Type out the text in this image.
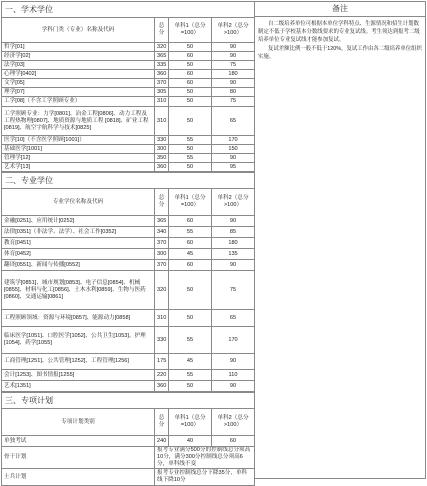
一、学术学位			
学科门类（专业）名称及代码	总分	单科1（总分=100）	单科2（总分>100）
哲学[01]	320	50	90
经济学[02]	365	60	90
法学[03]	335	50	75
心理学[0402]	360	60	180
文学[05]	370	60	90
理学[07]	305	50	80
工学[08]（不含工学照顾专业）	310	50	75
工学照顾专业：力学[0801]、冶金工程[0806]、动力工程及工程热物理[0807]、地质资源与地质工程 [0818]、矿业工程[0819]、航空宇航科学与技术[0825]	310	50	65
医学[10]（不含医学照顾[1001]）	330	55	170
基础医学[1001]	300	50	150
管理学[12]	350	55	90
艺术学[13]	360	50	95
二、专业学位			
专业学位名称及代码	总分	单科1（总分=100）	单科2（总分>100）
金融[0251]、应用统计[0252]	365	60	90
法律[0351]（非法学、法学）、社会工作[0352]	340	55	85
教育[0451]	370	60	180
体育[0452]	300	45	135
翻译[0551]、新闻与传播[0552]	370	60	90
建筑学[0851]、城市规划[0853]、电子信息[0854]、机械[0855]、材料与化工[0856]、土木水利[0859]、生物与医药[0860]、交通运输[0861]	320	50	75
工程照顾领域：资源与环境[0857]、能源动力[0858]	310	50	65
临床医学[1051]、口腔医学[1052]、公共卫生[1053]、护理[1054]、药学[1055]	330	55	170
工商管理[1251]、公共管理[1252]、工程管理[1256]	175	45	90
会计[1253]、图书情报[1255]	220	55	110
艺术[1351]	360	50	90
三、专项计划			
专项计划类别	总分	单科1（总分=100）	单科2（总分>100）
单独考试	240	40	60
骨干计划	报考专业满分500分的控制线总分须高10分，满分300分控制线总分须高6分，单科线不变		
士兵计划	报考专业控制线总分下降35分，单科线下降10分		
备注

自二级培养单位可根据本单位学科特点、生源情况和招生计划数制定不低于学校基本分数线要求的专业复试线。考生须达到报考二级培养单位专业复试线才能参加复试。

复试差额比例一般不低于120%，复试工作由各二级培养单位组织实施。
